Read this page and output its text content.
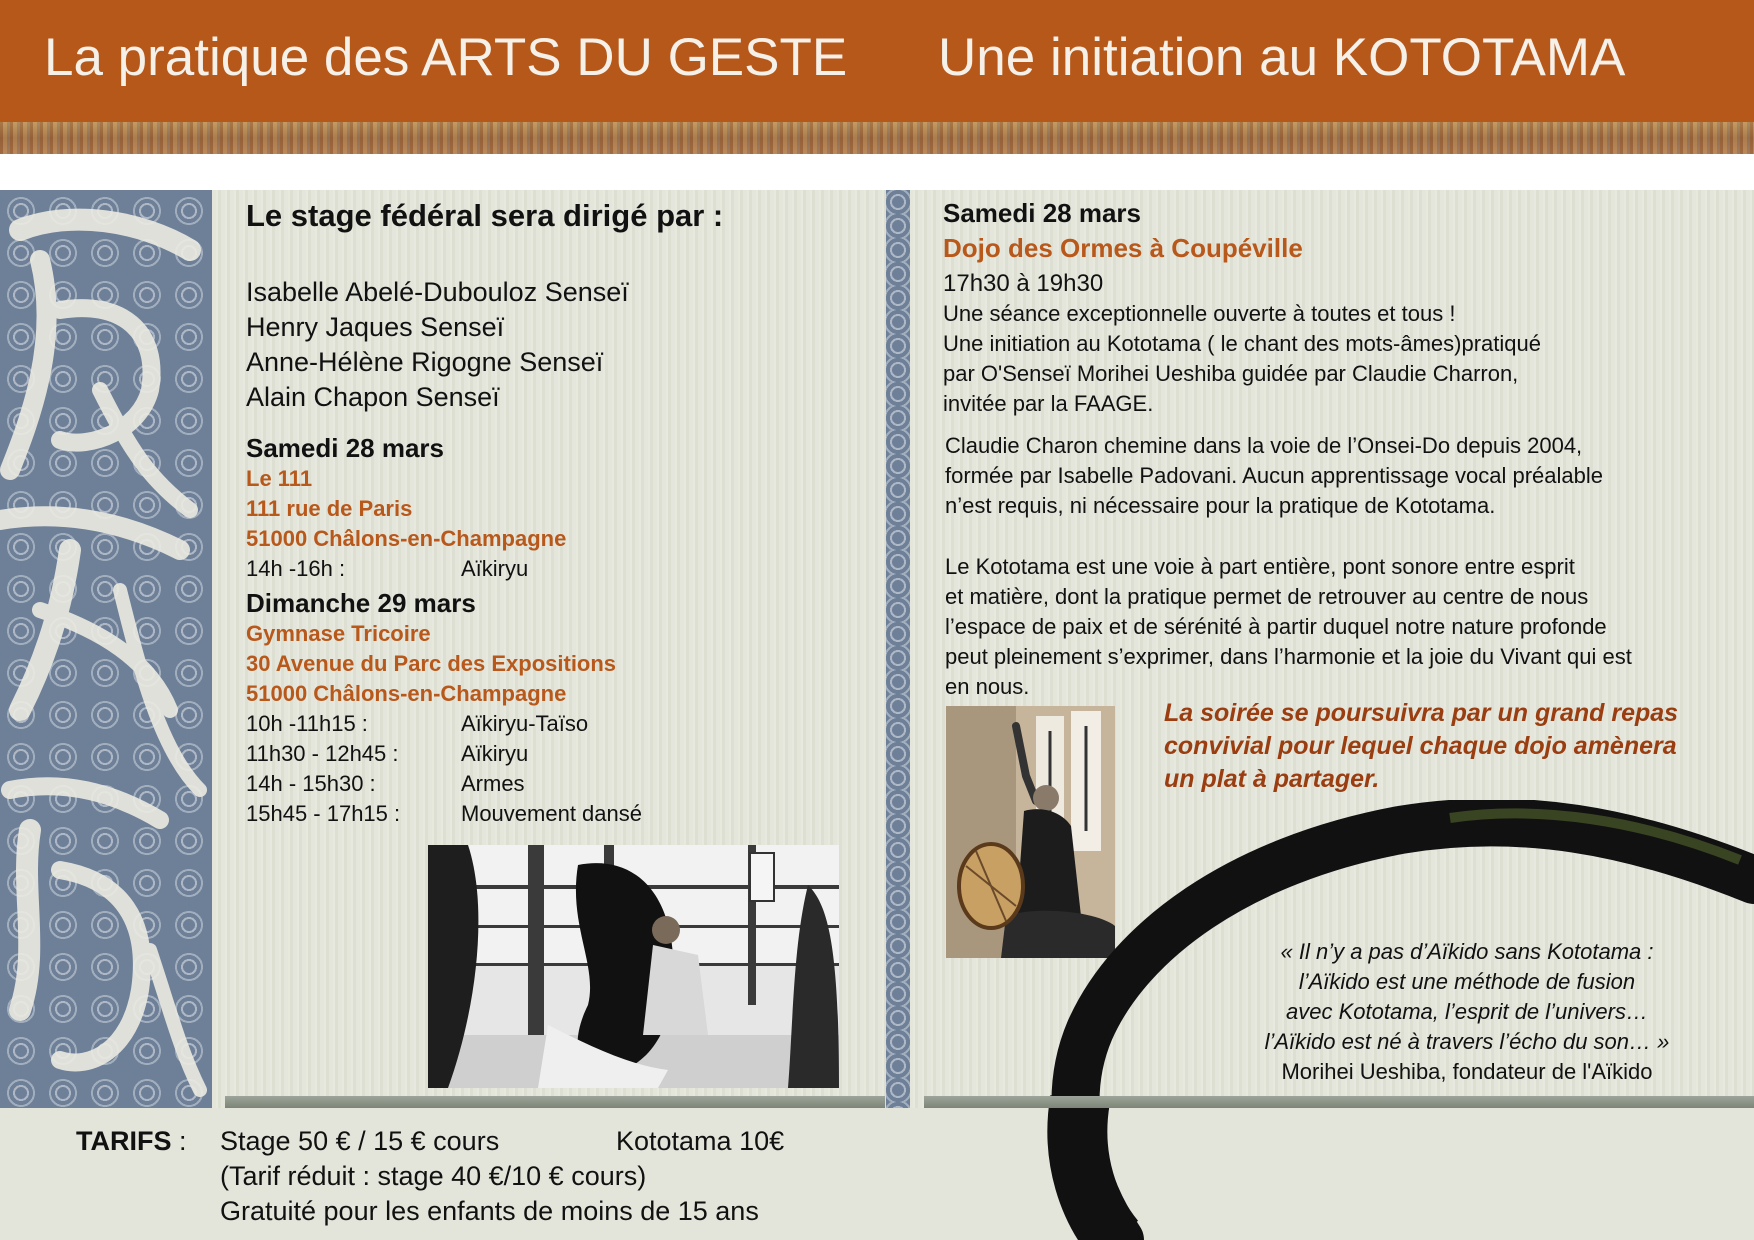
La pratique des ARTS DU GESTE Une initiation au KOTOTAMA
Le stage fédéral sera dirigé par :
Isabelle Abelé-Dubouloz Senseï
Henry Jaques Senseï
Anne-Hélène Rigogne Senseï
Alain Chapon Senseï
Samedi 28 mars
Le 111
111 rue de Paris
51000 Châlons-en-Champagne
14h -16h :	Aïkiryu
Dimanche 29 mars
Gymnase Tricoire
30 Avenue du Parc des Expositions
51000 Châlons-en-Champagne
10h -11h15 :	Aïkiryu-Taïso
11h30 - 12h45 :	Aïkiryu
14h - 15h30 :	Armes
15h45 - 17h15 :	Mouvement dansé
Samedi 28 mars
Dojo des Ormes à Coupéville
17h30 à 19h30

Une séance exceptionnelle ouverte à toutes et tous !

Une initiation au Kototama ( le chant des mots-âmes)pratiqué

par O'Senseï Morihei Ueshiba guidée par Claudie Charron,

invitée par la FAAGE.

Claudie Charon chemine dans la voie de l’Onsei-Do depuis 2004,

formée par Isabelle Padovani. Aucun apprentissage vocal préalable

n’est requis, ni nécessaire pour la pratique de Kototama.

Le Kototama est une voie à part entière, pont sonore entre esprit

et matière, dont la pratique permet de retrouver au centre de nous

l’espace de paix et de sérénité à partir duquel notre nature profonde

peut pleinement s’exprimer, dans l’harmonie et la joie du Vivant qui est

en nous.

La soirée se poursuivra par un grand repas
convivial pour lequel chaque dojo amènera
un plat à partager.
« Il n’y a pas d’Aïkido sans Kototama :
l’Aïkido est une méthode de fusion
avec Kototama, l’esprit de l’univers…
l’Aïkido est né à travers l’écho du son… »
Morihei Ueshiba, fondateur de l'Aïkido
TARIFS : Stage 50 € / 15 € cours	Kototama 10€
(Tarif réduit : stage 40 €/10 € cours)
Gratuité pour les enfants de moins de 15 ans
